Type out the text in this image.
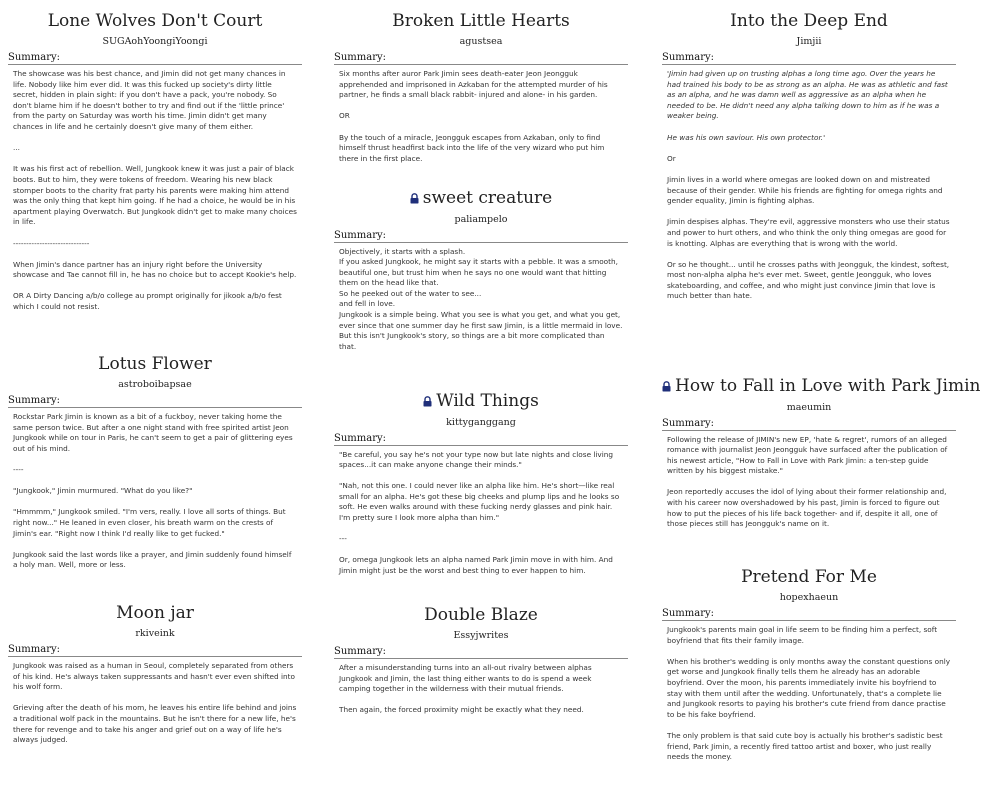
Lone Wolves Don't Court
SUGAohYoongiYoongi
Summary:

The showcase was his best chance, and Jimin did not get many chances in life. Nobody like him ever did. It was this fucked up society's dirty little secret, hidden in plain sight: if you don't have a pack, you're nobody. So don't blame him if he doesn't bother to try and find out if the 'little prince' from the party on Saturday was worth his time. Jimin didn't get many chances in life and he certainly doesn't give many of them either.

...

It was his first act of rebellion. Well, Jungkook knew it was just a pair of black boots. But to him, they were tokens of freedom. Wearing his new black stomper boots to the charity frat party his parents were making him attend was the only thing that kept him going. If he had a choice, he would be in his apartment playing Overwatch. But Jungkook didn't get to make many choices in life.

-----------------------------

When Jimin's dance partner has an injury right before the University showcase and Tae cannot fill in, he has no choice but to accept Kookie's help.

OR A Dirty Dancing a/b/o college au prompt originally for jikook a/b/o fest which I could not resist.

Lotus Flower
astroboibapsae
Summary:

Rockstar Park Jimin is known as a bit of a fuckboy, never taking home the same person twice. But after a one night stand with free spirited artist Jeon Jungkook while on tour in Paris, he can't seem to get a pair of glittering eyes out of his mind.

----

"Jungkook," Jimin murmured. "What do you like?"

"Hmmmm," Jungkook smiled. "I'm vers, really. I love all sorts of things. But right now..." He leaned in even closer, his breath warm on the crests of Jimin's ear. "Right now I think I'd really like to get fucked."

Jungkook said the last words like a prayer, and Jimin suddenly found himself a holy man. Well, more or less.

Moon jar
rkiveink
Summary:

Jungkook was raised as a human in Seoul, completely separated from others of his kind. He's always taken suppressants and hasn't ever even shifted into his wolf form.

Grieving after the death of his mom, he leaves his entire life behind and joins a traditional wolf pack in the mountains. But he isn't there for a new life, he's there for revenge and to take his anger and grief out on a way of life he's always judged.

Broken Little Hearts
agustsea
Summary:

Six months after auror Park Jimin sees death-eater Jeon Jeongguk apprehended and imprisoned in Azkaban for the attempted murder of his partner, he finds a small black rabbit- injured and alone- in his garden.

OR

By the touch of a miracle, Jeongguk escapes from Azkaban, only to find himself thrust headfirst back into the life of the very wizard who put him there in the first place.

sweet creature
paliampelo
Summary:

Objectively, it starts with a splash.
If you asked Jungkook, he might say it starts with a pebble. It was a smooth, beautiful one, but trust him when he says no one would want that hitting them on the head like that.
So he peeked out of the water to see...
and fell in love.
Jungkook is a simple being. What you see is what you get, and what you get, ever since that one summer day he first saw Jimin, is a little mermaid in love.
But this isn't Jungkook's story, so things are a bit more complicated than that.

Wild Things
kittyganggang
Summary:

"Be careful, you say he's not your type now but late nights and close living spaces...it can make anyone change their minds."

"Nah, not this one. I could never like an alpha like him. He's short—like real small for an alpha. He's got these big cheeks and plump lips and he looks so soft. He even walks around with these fucking nerdy glasses and pink hair. I'm pretty sure I look more alpha than him."

---

Or, omega Jungkook lets an alpha named Park Jimin move in with him. And Jimin might just be the worst and best thing to ever happen to him.

Double Blaze
Essyjwrites
Summary:

After a misunderstanding turns into an all-out rivalry between alphas Jungkook and Jimin, the last thing either wants to do is spend a week camping together in the wilderness with their mutual friends.

Then again, the forced proximity might be exactly what they need.

Into the Deep End
Jimjii
Summary:

'Jimin had given up on trusting alphas a long time ago. Over the years he had trained his body to be as strong as an alpha. He was as athletic and fast as an alpha, and he was damn well as aggressive as an alpha when he needed to be. He didn't need any alpha talking down to him as if he was a weaker being.

He was his own saviour. His own protector.'

Or

Jimin lives in a world where omegas are looked down on and mistreated because of their gender. While his friends are fighting for omega rights and gender equality, Jimin is fighting alphas.

Jimin despises alphas. They're evil, aggressive monsters who use their status and power to hurt others, and who think the only thing omegas are good for is knotting. Alphas are everything that is wrong with the world.

Or so he thought... until he crosses paths with Jeongguk, the kindest, softest, most non-alpha alpha he's ever met. Sweet, gentle Jeongguk, who loves skateboarding, and coffee, and who might just convince Jimin that love is much better than hate.

How to Fall in Love with Park Jimin
maeumin
Summary:

Following the release of JIMIN's new EP, 'hate & regret', rumors of an alleged romance with journalist Jeon Jeongguk have surfaced after the publication of his newest article, "How to Fall in Love with Park Jimin: a ten-step guide written by his biggest mistake."

Jeon reportedly accuses the idol of lying about their former relationship and, with his career now overshadowed by his past, Jimin is forced to figure out how to put the pieces of his life back together- and if, despite it all, one of those pieces still has Jeongguk's name on it.

Pretend For Me
hopexhaeun
Summary:

Jungkook's parents main goal in life seem to be finding him a perfect, soft boyfriend that fits their family image.

When his brother's wedding is only months away the constant questions only get worse and Jungkook finally tells them he already has an adorable boyfriend. Over the moon, his parents immediately invite his boyfriend to stay with them until after the wedding. Unfortunately, that's a complete lie and Jungkook resorts to paying his brother's cute friend from dance practise to be his fake boyfriend.

The only problem is that said cute boy is actually his brother's sadistic best friend, Park Jimin, a recently fired tattoo artist and boxer, who just really needs the money.
